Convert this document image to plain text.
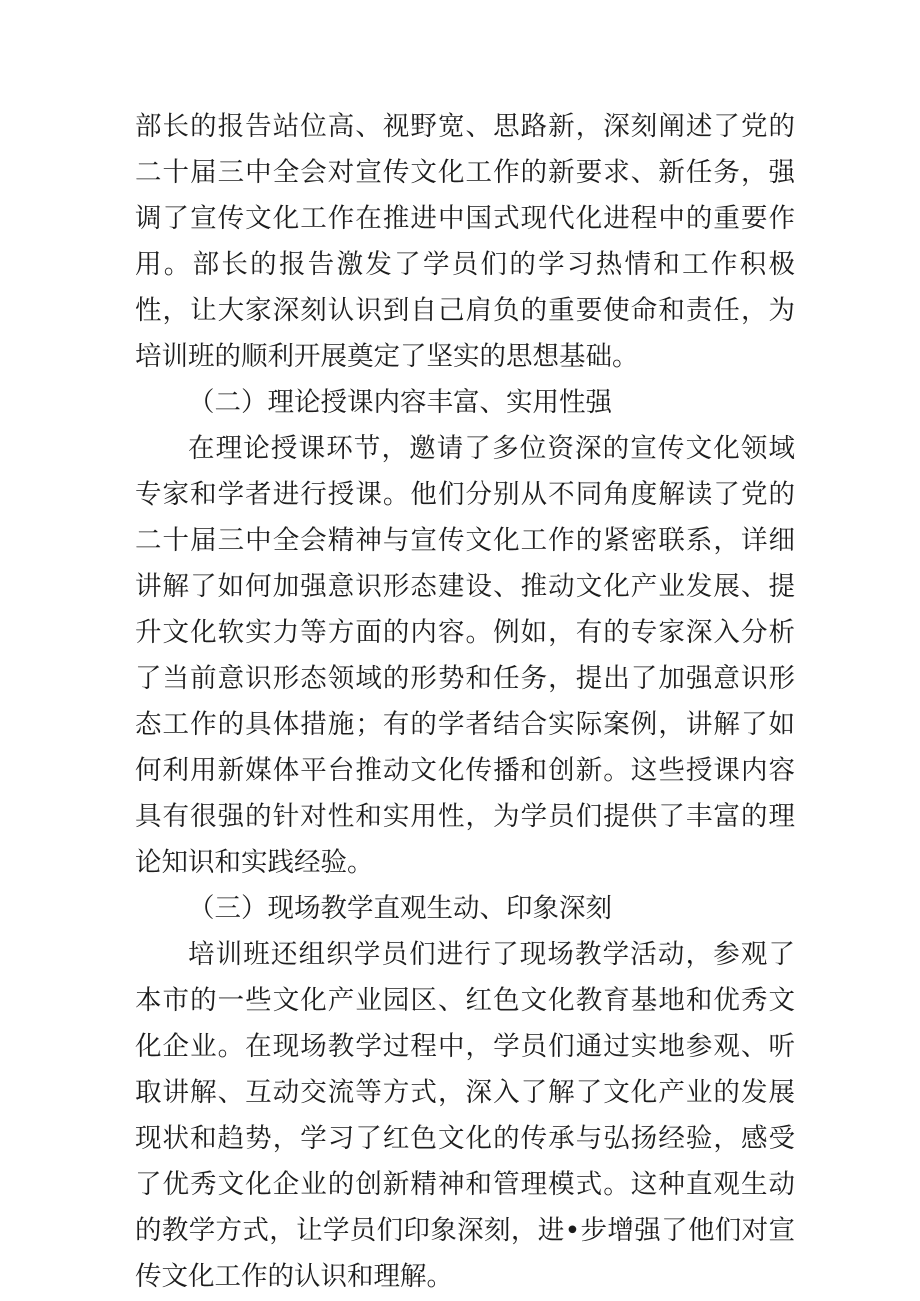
部长的报告站位高、视野宽、思路新，深刻阐述了党的二十届三中全会对宣传文化工作的新要求、新任务，强调了宣传文化工作在推进中国式现代化进程中的重要作用。部长的报告激发了学员们的学习热情和工作积极性，让大家深刻认识到自己肩负的重要使命和责任，为培训班的顺利开展奠定了坚实的思想基础。

（二）理论授课内容丰富、实用性强

在理论授课环节，邀请了多位资深的宣传文化领域专家和学者进行授课。他们分别从不同角度解读了党的二十届三中全会精神与宣传文化工作的紧密联系，详细讲解了如何加强意识形态建设、推动文化产业发展、提升文化软实力等方面的内容。例如，有的专家深入分析了当前意识形态领域的形势和任务，提出了加强意识形态工作的具体措施；有的学者结合实际案例，讲解了如何利用新媒体平台推动文化传播和创新。这些授课内容具有很强的针对性和实用性，为学员们提供了丰富的理论知识和实践经验。

（三）现场教学直观生动、印象深刻

培训班还组织学员们进行了现场教学活动，参观了本市的一些文化产业园区、红色文化教育基地和优秀文化企业。在现场教学过程中，学员们通过实地参观、听取讲解、互动交流等方式，深入了解了文化产业的发展现状和趋势，学习了红色文化的传承与弘扬经验，感受了优秀文化企业的创新精神和管理模式。这种直观生动的教学方式，让学员们印象深刻，进•步增强了他们对宣传文化工作的认识和理解。
